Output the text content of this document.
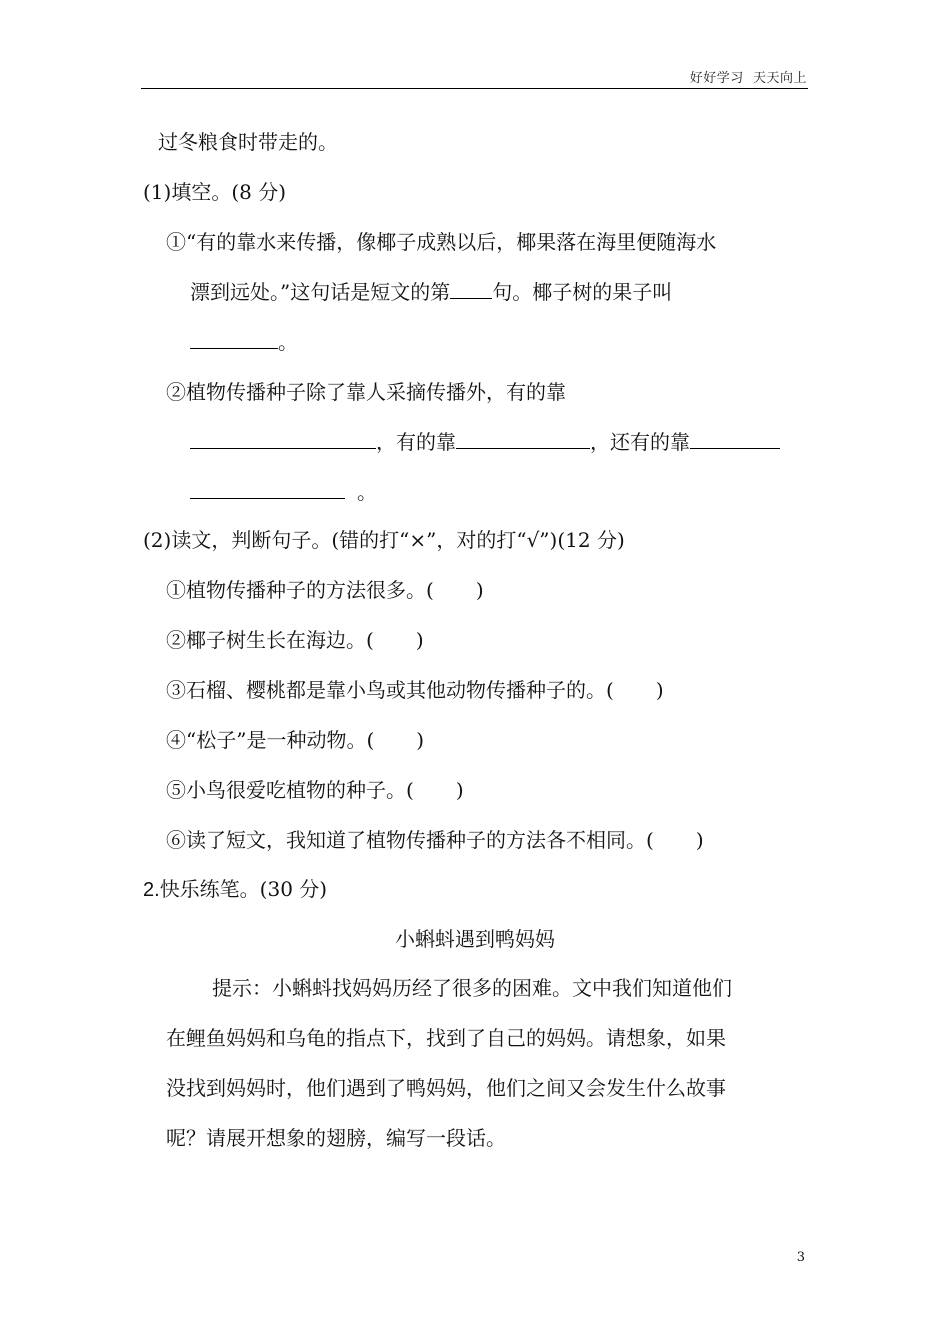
好好学习  天天向上
过冬粮食时带走的。
(1)填空。(8 分)
①“有的靠水来传播，像椰子成熟以后，椰果落在海里便随海水
漂到远处。”这句话是短文的第 句。椰子树的果子叫
。
②植物传播种子除了靠人采摘传播外，有的靠
，有的靠	，还有的靠
。
(2)读文，判断句子。(错的打“×”，对的打“√”)(12 分)
①植物传播种子的方法很多。( )
②椰子树生长在海边。( )
③石榴、樱桃都是靠小鸟或其他动物传播种子的。( )
④“松子”是一种动物。( )
⑤小鸟很爱吃植物的种子。( )
⑥读了短文，我知道了植物传播种子的方法各不相同。( )
2.快乐练笔。(30 分)
小蝌蚪遇到鸭妈妈
提示：小蝌蚪找妈妈历经了很多的困难。文中我们知道他们
在鲤鱼妈妈和乌龟的指点下，找到了自己的妈妈。请想象，如果
没找到妈妈时，他们遇到了鸭妈妈，他们之间又会发生什么故事
呢？请展开想象的翅膀，编写一段话。
3
